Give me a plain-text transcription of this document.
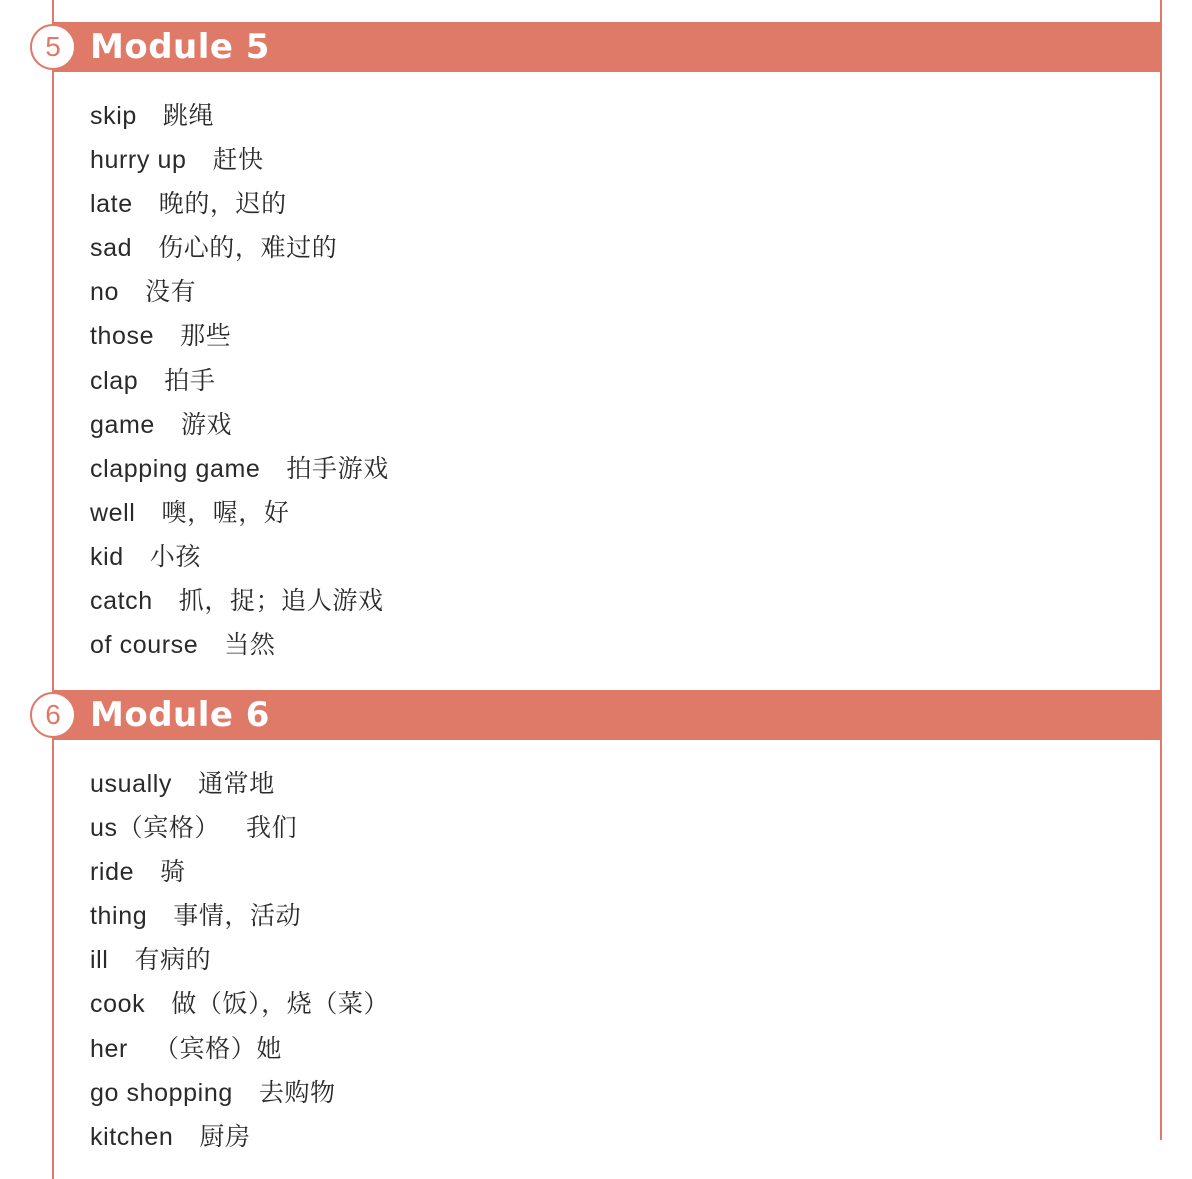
5 Module 5
skip 跳绳
hurry up 赶快
late 晚的，迟的
sad 伤心的，难过的
no 没有
those 那些
clap 拍手
game 游戏
clapping game 拍手游戏
well 噢，喔，好
kid 小孩
catch 抓，捉；追人游戏
of course 当然
6 Module 6
usually 通常地
us（宾格） 我们
ride 骑
thing 事情，活动
ill 有病的
cook 做（饭），烧（菜）
her （宾格）她
go shopping 去购物
kitchen 厨房
